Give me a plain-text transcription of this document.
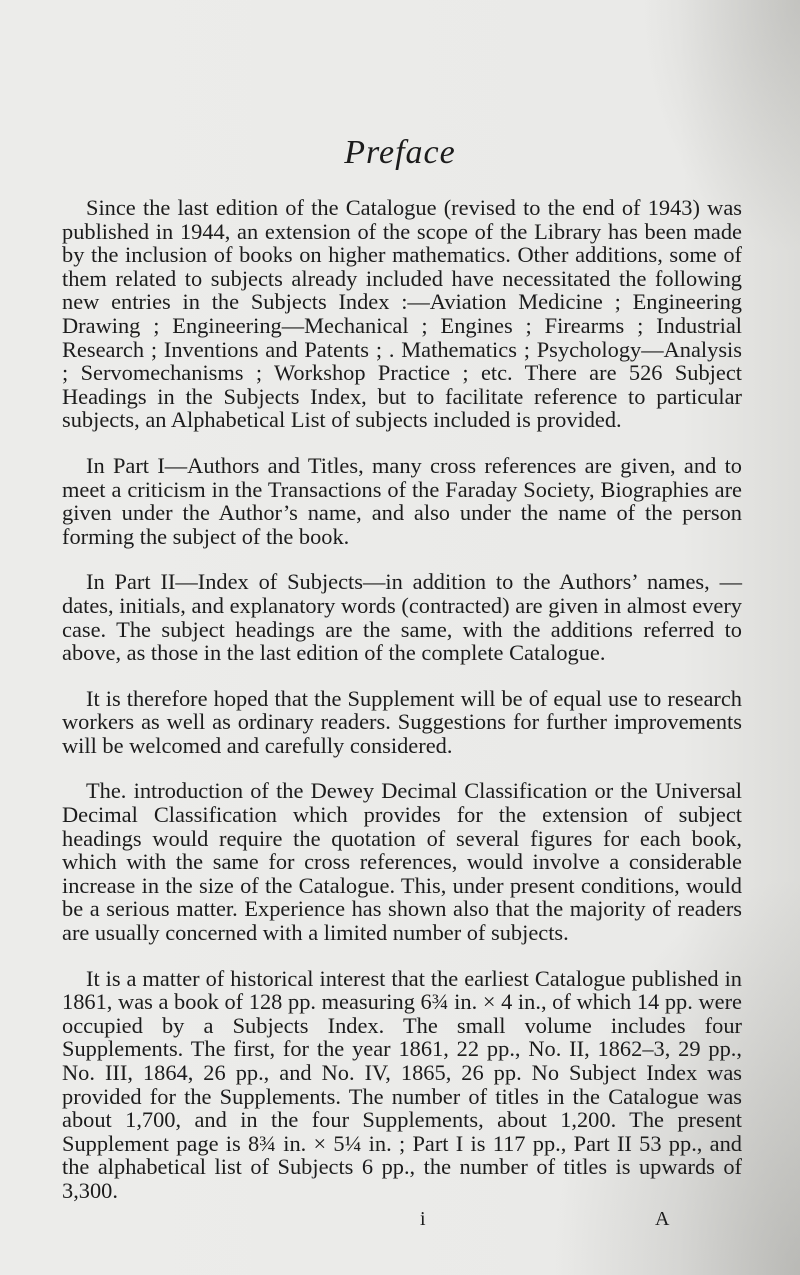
Preface

Since the last edition of the Catalogue (revised to the end of 1943) was published in 1944, an extension of the scope of the Library has been made by the inclusion of books on higher mathematics. Other additions, some of them related to subjects already included have necessitated the following new entries in the Subjects Index :—Aviation Medicine ; Engineering Drawing ; Engineering—Mechanical ; Engines ; Firearms ; Industrial Research ; Inventions and Patents ; . Mathematics ; Psychology—Analysis ; Servomechanisms ; Workshop Practice ; etc. There are 526 Subject Headings in the Subjects Index, but to facilitate reference to particular subjects, an Alphabetical List of subjects included is provided.

In Part I—Authors and Titles, many cross references are given, and to meet a criticism in the Transactions of the Faraday Society, Biographies are given under the Author’s name, and also under the name of the person forming the subject of the book.

In Part II—Index of Subjects—in addition to the Authors’ names, —dates, initials, and explanatory words (contracted) are given in almost every case. The subject headings are the same, with the additions referred to above, as those in the last edition of the complete Catalogue.

It is therefore hoped that the Supplement will be of equal use to research workers as well as ordinary readers. Suggestions for further improvements will be welcomed and carefully considered.

The. introduction of the Dewey Decimal Classification or the Universal Decimal Classification which provides for the extension of subject headings would require the quotation of several figures for each book, which with the same for cross references, would involve a considerable increase in the size of the Catalogue. This, under present conditions, would be a serious matter. Experience has shown also that the majority of readers are usually concerned with a limited number of subjects.

It is a matter of historical interest that the earliest Catalogue published in 1861, was a book of 128 pp. measuring 6¾ in. × 4 in., of which 14 pp. were occupied by a Subjects Index. The small volume includes four Supplements. The first, for the year 1861, 22 pp., No. II, 1862–3, 29 pp., No. III, 1864, 26 pp., and No. IV, 1865, 26 pp. No Subject Index was provided for the Supplements. The number of titles in the Catalogue was about 1,700, and in the four Supplements, about 1,200. The present Supplement page is 8¾ in. × 5¼ in. ; Part I is 117 pp., Part II 53 pp., and the alphabetical list of Subjects 6 pp., the number of titles is upwards of 3,300.

i	A
